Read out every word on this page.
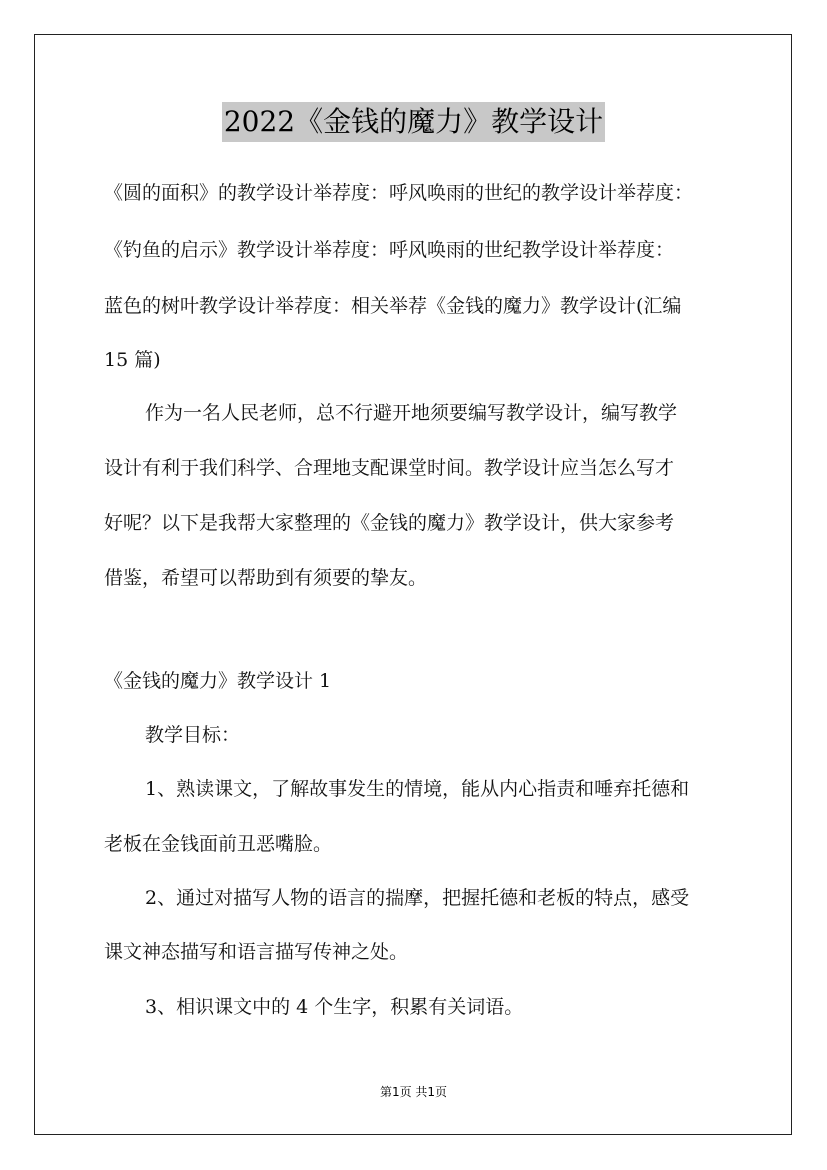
2022《金钱的魔力》教学设计
《圆的面积》的教学设计举荐度：呼风唤雨的世纪的教学设计举荐度：
《钓鱼的启示》教学设计举荐度：呼风唤雨的世纪教学设计举荐度：
蓝色的树叶教学设计举荐度：相关举荐《金钱的魔力》教学设计(汇编
15 篇)
作为一名人民老师，总不行避开地须要编写教学设计，编写教学
设计有利于我们科学、合理地支配课堂时间。教学设计应当怎么写才
好呢？以下是我帮大家整理的《金钱的魔力》教学设计，供大家参考
借鉴，希望可以帮助到有须要的挚友。
《金钱的魔力》教学设计 1
教学目标：
1、熟读课文，了解故事发生的情境，能从内心指责和唾弃托德和
老板在金钱面前丑恶嘴脸。
2、通过对描写人物的语言的揣摩，把握托德和老板的特点，感受
课文神态描写和语言描写传神之处。
3、相识课文中的 4 个生字，积累有关词语。
第1页 共1页
